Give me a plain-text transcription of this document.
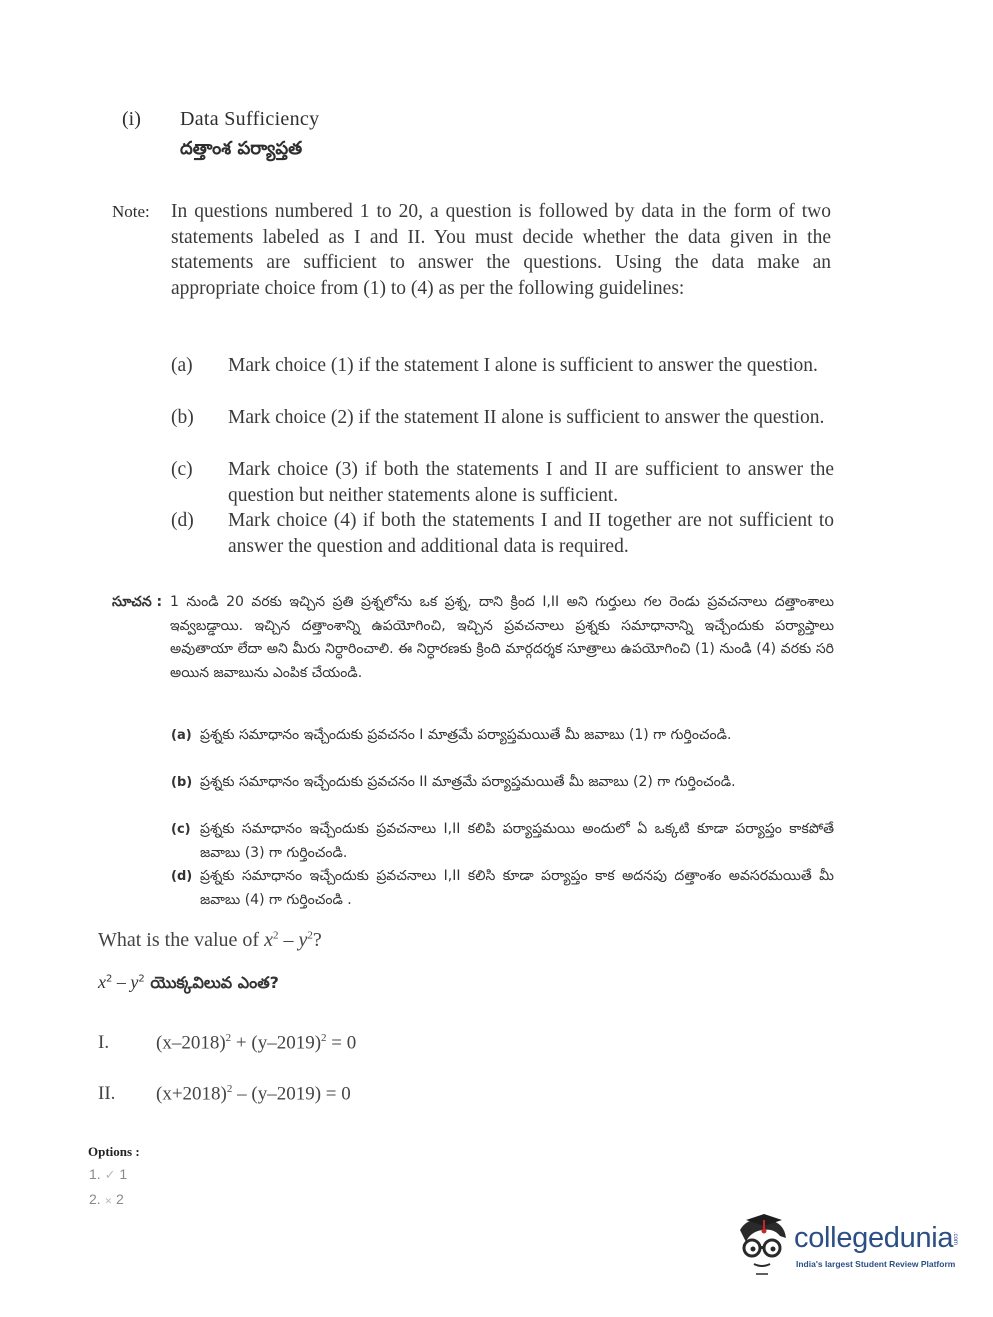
(i) Data Sufficiency
దత్తాంశ పర్యాప్తత
Note: In questions numbered 1 to 20, a question is followed by data in the form of two statements labeled as I and II. You must decide whether the data given in the statements are sufficient to answer the questions. Using the data make an appropriate choice from (1) to (4) as per the following guidelines:
(a) Mark choice (1) if the statement I alone is sufficient to answer the question.
(b) Mark choice (2) if the statement II alone is sufficient to answer the question.
(c) Mark choice (3) if both the statements I and II are sufficient to answer the question but neither statements alone is sufficient.
(d) Mark choice (4) if both the statements I and II together are not sufficient to answer the question and additional data is required.
సూచన : 1 నుండి 20 వరకు ఇచ్చిన ప్రతి ప్రశ్నలోను ఒక ప్రశ్న, దాని క్రింద I,II అని గుర్తులు గల రెండు ప్రవచనాలు దత్తాంశాలు ఇవ్వబడ్డాయి. ఇచ్చిన దత్తాంశాన్ని ఉపయోగించి, ఇచ్చిన ప్రవచనాలు ప్రశ్నకు సమాధానాన్ని ఇచ్చేందుకు పర్యాప్తాలు అవుతాయా లేదా అని మీరు నిర్ధారించాలి. ఈ నిర్ధారణకు క్రింది మార్గదర్శక సూత్రాలు ఉపయోగించి (1) నుండి (4) వరకు సరి అయిన జవాబును ఎంపిక చేయండి.
(a) ప్రశ్నకు సమాధానం ఇచ్చేందుకు ప్రవచనం I మాత్రమే పర్యాప్తమయితే మీ జవాబు (1) గా గుర్తించండి.
(b) ప్రశ్నకు సమాధానం ఇచ్చేందుకు ప్రవచనం II మాత్రమే పర్యాప్తమయితే మీ జవాబు (2) గా గుర్తించండి.
(c) ప్రశ్నకు సమాధానం ఇచ్చేందుకు ప్రవచనాలు I,II కలిపి పర్యాప్తమయి అందులో ఏ ఒక్కటి కూడా పర్యాప్తం కాకపోతే జవాబు (3) గా గుర్తించండి.
(d) ప్రశ్నకు సమాధానం ఇచ్చేందుకు ప్రవచనాలు I,II కలిసి కూడా పర్యాప్తం కాక అదనపు దత్తాంశం అవసరమయితే మీ జవాబు (4) గా గుర్తించండి .
What is the value of $x^2 - y^2$?
$x^2 - y^2$ యొక్కవిలువ ఎంత?
I. $(x-2018)^2 + (y-2019)^2 = 0$
II. $(x+2018)^2 - (y-2019) = 0$
Options :
1. ✓ 1
2. ✕ 2
collegedunia
.com
India's largest Student Review Platform
